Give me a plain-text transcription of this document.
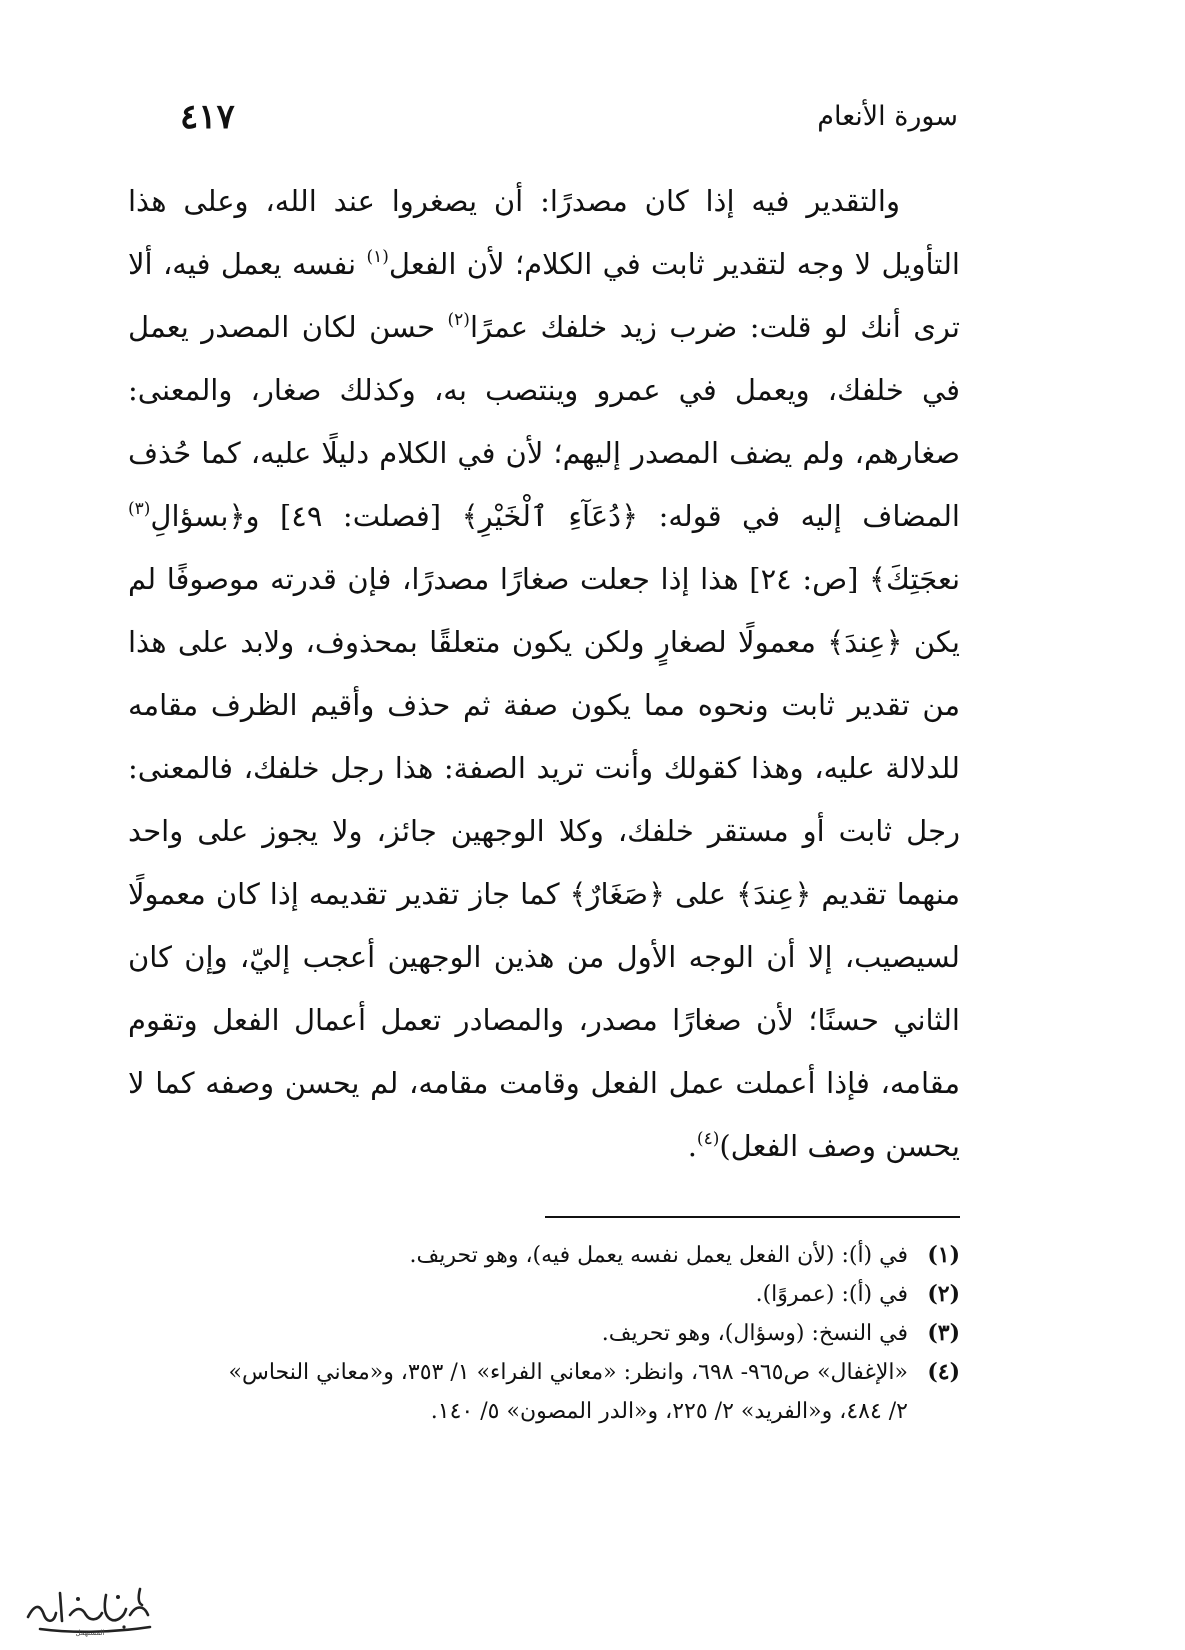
سورة الأنعام
٤١٧

والتقدير فيه إذا كان مصدرًا: أن يصغروا عند الله، وعلى هذا التأويل لا وجه لتقدير ثابت في الكلام؛ لأن الفعل$^{(١)}$ نفسه يعمل فيه، ألا ترى أنك لو قلت: ضرب زيد خلفك عمرًا$^{(٢)}$ حسن لكان المصدر يعمل في خلفك، ويعمل في عمرو وينتصب به، وكذلك صغار، والمعنى: صغارهم، ولم يضف المصدر إليهم؛ لأن في الكلام دليلًا عليه، كما حُذف المضاف إليه في قوله: ﴿دُعَآءِ ٱلْخَيْرِ﴾ [فصلت: ٤٩] و﴿بسؤالِ$^{(٣)}$ نعجَتِكَ﴾ [ص: ٢٤] هذا إذا جعلت صغارًا مصدرًا، فإن قدرته موصوفًا لم يكن ﴿عِندَ﴾ معمولًا لصغارٍ ولكن يكون متعلقًا بمحذوف، ولابد على هذا من تقدير ثابت ونحوه مما يكون صفة ثم حذف وأقيم الظرف مقامه للدلالة عليه، وهذا كقولك وأنت تريد الصفة: هذا رجل خلفك، فالمعنى: رجل ثابت أو مستقر خلفك، وكلا الوجهين جائز، ولا يجوز على واحد منهما تقديم ﴿عِندَ﴾ على ﴿صَغَارٌ﴾ كما جاز تقدير تقديمه إذا كان معمولًا لسيصيب، إلا أن الوجه الأول من هذين الوجهين أعجب إليّ، وإن كان الثاني حسنًا؛ لأن صغارًا مصدر، والمصادر تعمل أعمال الفعل وتقوم مقامه، فإذا أعملت عمل الفعل وقامت مقامه، لم يحسن وصفه كما لا يحسن وصف الفعل)$^{(٤)}$.

(١)
في (أ): (لأن الفعل يعمل نفسه يعمل فيه)، وهو تحريف.
(٢)
في (أ): (عمروًا).
(٣)
في النسخ: (وسؤال)، وهو تحريف.
(٤)
«الإغفال» ص٩٦٥- ٦٩٨، وانظر: «معاني الفراء» ١/ ٣٥٣، و«معاني النحاس»
٢/ ٤٨٤، و«الفريد» ٢/ ٢٢٥، و«الدر المصون» ٥/ ١٤٠.
المستهمل
